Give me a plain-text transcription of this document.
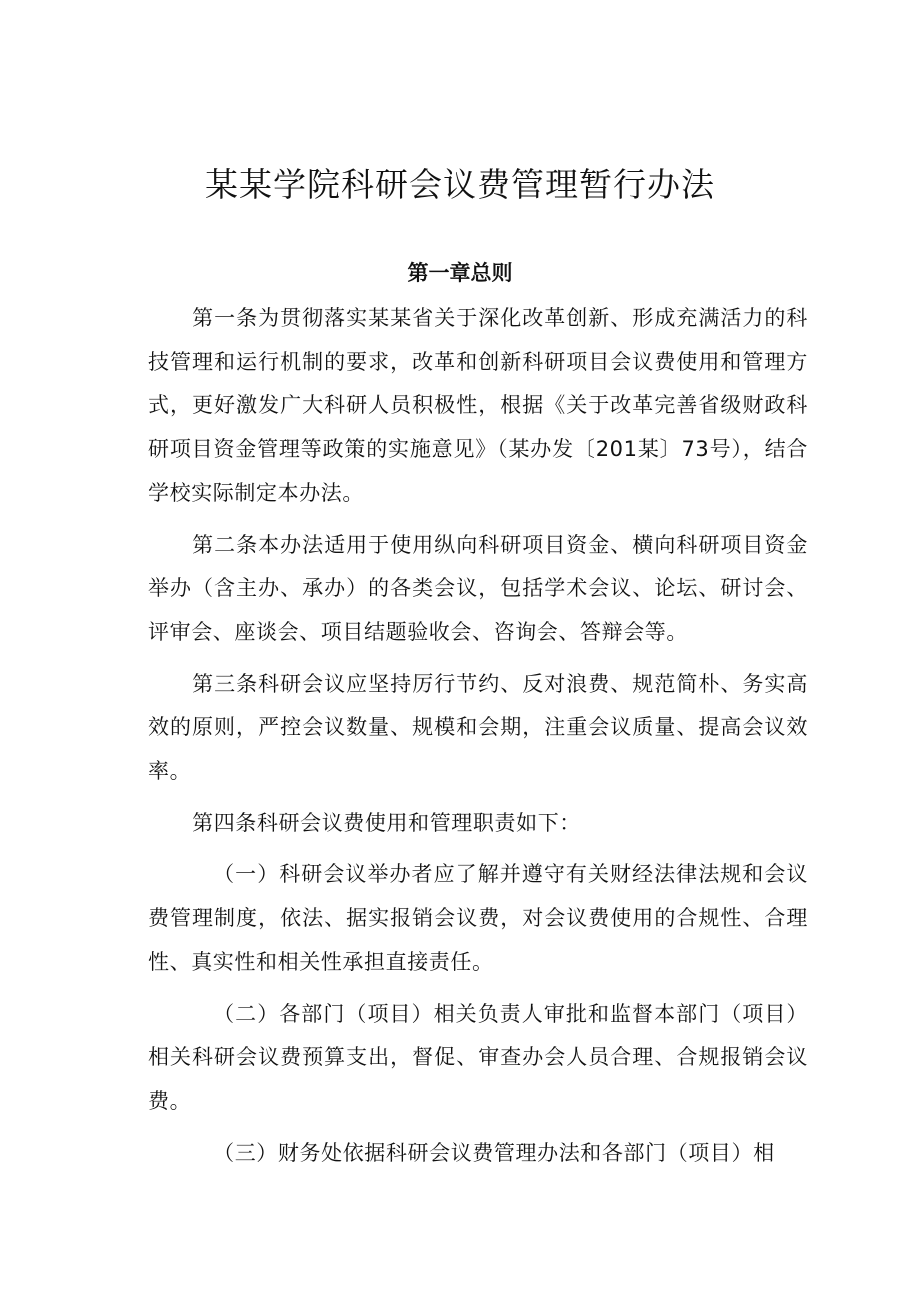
某某学院科研会议费管理暂行办法
第一章总则

第一条为贯彻落实某某省关于深化改革创新、形成充满活力的科技管理和运行机制的要求，改革和创新科研项目会议费使用和管理方式，更好激发广大科研人员积极性，根据《关于改革完善省级财政科研项目资金管理等政策的实施意见》（某办发〔201某〕73号），结合学校实际制定本办法。

第二条本办法适用于使用纵向科研项目资金、横向科研项目资金举办（含主办、承办）的各类会议，包括学术会议、论坛、研讨会、评审会、座谈会、项目结题验收会、咨询会、答辩会等。

第三条科研会议应坚持厉行节约、反对浪费、规范简朴、务实高效的原则，严控会议数量、规模和会期，注重会议质量、提高会议效率。

第四条科研会议费使用和管理职责如下：

（一）科研会议举办者应了解并遵守有关财经法律法规和会议费管理制度，依法、据实报销会议费，对会议费使用的合规性、合理性、真实性和相关性承担直接责任。

（二）各部门（项目）相关负责人审批和监督本部门（项目）相关科研会议费预算支出，督促、审查办会人员合理、合规报销会议费。

（三）财务处依据科研会议费管理办法和各部门（项目）相
